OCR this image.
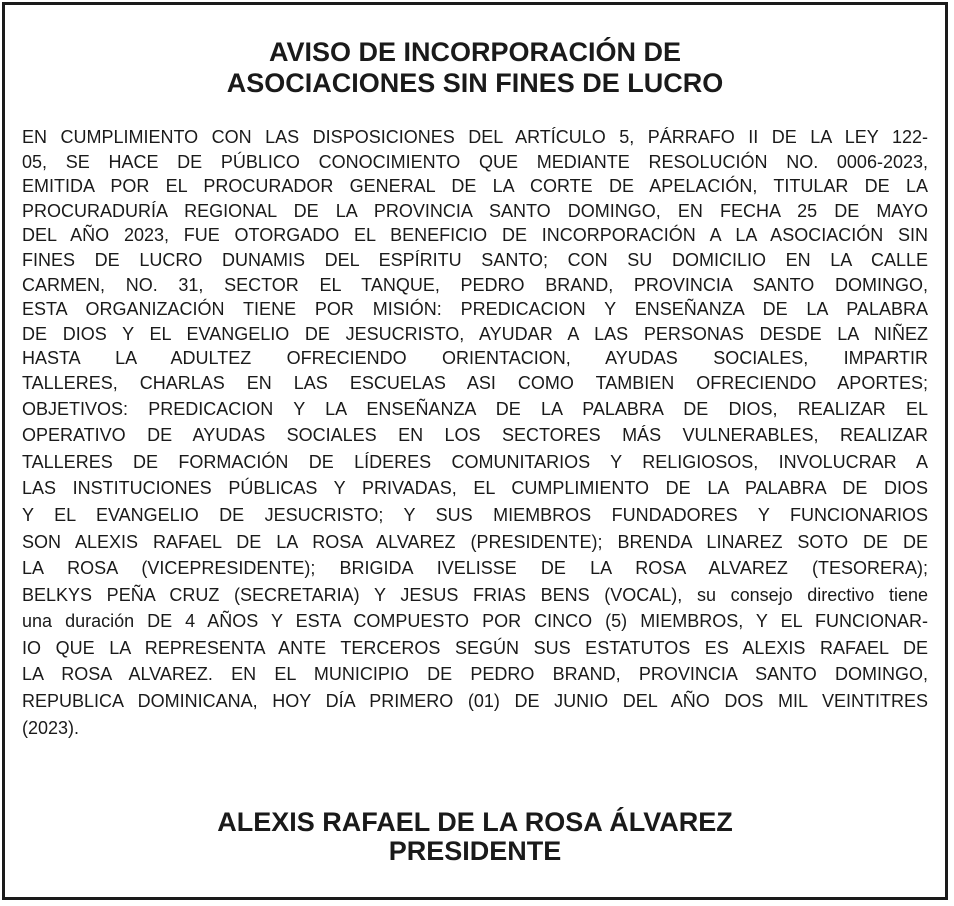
AVISO DE INCORPORACIÓN DE
ASOCIACIONES SIN FINES DE LUCRO
EN CUMPLIMIENTO CON LAS DISPOSICIONES DEL ARTÍCULO 5, PÁRRAFO II DE LA LEY 122-
05, SE HACE DE PÚBLICO CONOCIMIENTO QUE MEDIANTE RESOLUCIÓN NO. 0006-2023,
EMITIDA POR EL PROCURADOR GENERAL DE LA CORTE DE APELACIÓN, TITULAR DE LA
PROCURADURÍA REGIONAL DE LA PROVINCIA SANTO DOMINGO, EN FECHA 25 DE MAYO
DEL AÑO 2023, FUE OTORGADO EL BENEFICIO DE INCORPORACIÓN A LA ASOCIACIÓN SIN
FINES DE LUCRO DUNAMIS DEL ESPÍRITU SANTO; CON SU DOMICILIO EN LA CALLE
CARMEN, NO. 31, SECTOR EL TANQUE, PEDRO BRAND, PROVINCIA SANTO DOMINGO,
ESTA ORGANIZACIÓN TIENE POR MISIÓN: PREDICACION Y ENSEÑANZA DE LA PALABRA
DE DIOS Y EL EVANGELIO DE JESUCRISTO, AYUDAR A LAS PERSONAS DESDE LA NIÑEZ
HASTA LA ADULTEZ OFRECIENDO ORIENTACION, AYUDAS SOCIALES, IMPARTIR
TALLERES, CHARLAS EN LAS ESCUELAS ASI COMO TAMBIEN OFRECIENDO APORTES;
OBJETIVOS: PREDICACION Y LA ENSEÑANZA DE LA PALABRA DE DIOS, REALIZAR EL
OPERATIVO DE AYUDAS SOCIALES EN LOS SECTORES MÁS VULNERABLES, REALIZAR
TALLERES DE FORMACIÓN DE LÍDERES COMUNITARIOS Y RELIGIOSOS, INVOLUCRAR A
LAS INSTITUCIONES PÚBLICAS Y PRIVADAS, EL CUMPLIMIENTO DE LA PALABRA DE DIOS
Y EL EVANGELIO DE JESUCRISTO; Y SUS MIEMBROS FUNDADORES Y FUNCIONARIOS
SON ALEXIS RAFAEL DE LA ROSA ALVAREZ (PRESIDENTE); BRENDA LINAREZ SOTO DE DE
LA ROSA (VICEPRESIDENTE); BRIGIDA IVELISSE DE LA ROSA ALVAREZ (TESORERA);
BELKYS PEÑA CRUZ (SECRETARIA) Y JESUS FRIAS BENS (VOCAL), su consejo directivo tiene
una duración DE 4 AÑOS Y ESTA COMPUESTO POR CINCO (5) MIEMBROS, Y EL FUNCIONAR-
IO QUE LA REPRESENTA ANTE TERCEROS SEGÚN SUS ESTATUTOS ES ALEXIS RAFAEL DE
LA ROSA ALVAREZ. EN EL MUNICIPIO DE PEDRO BRAND, PROVINCIA SANTO DOMINGO,
REPUBLICA DOMINICANA, HOY DÍA PRIMERO (01) DE JUNIO DEL AÑO DOS MIL VEINTITRES
(2023).
ALEXIS RAFAEL DE LA ROSA ÁLVAREZ
PRESIDENTE
